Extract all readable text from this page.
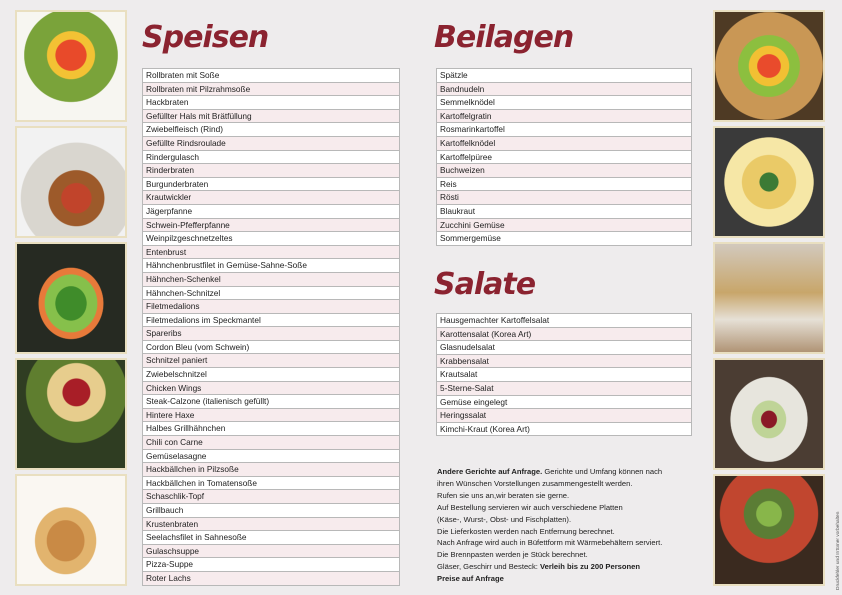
Speisen
Rollbraten mit Soße
Rollbraten mit Pilzrahmsoße
Hackbraten
Gefüllter Hals mit Brätfüllung
Zwiebelfleisch (Rind)
Gefüllte Rindsroulade
Rindergulasch
Rinderbraten
Burgunderbraten
Krautwickler
Jägerpfanne
Schwein-Pfefferpfanne
Weinpilzgeschnetzeltes
Entenbrust
Hähnchenbrustfilet in Gemüse-Sahne-Soße
Hähnchen-Schenkel
Hähnchen-Schnitzel
Filetmedalions
Filetmedalions im Speckmantel
Spareribs
Cordon Bleu (vom Schwein)
Schnitzel paniert
Zwiebelschnitzel
Chicken Wings
Steak-Calzone (italienisch gefüllt)
Hintere Haxe
Halbes Grillhähnchen
Chili con Carne
Gemüselasagne
Hackbällchen in Pilzsoße
Hackbällchen in Tomatensoße
Schaschlik-Topf
Grillbauch
Krustenbraten
Seelachsfilet in Sahnesoße
Gulaschsuppe
Pizza-Suppe
Roter Lachs
Beilagen
Spätzle
Bandnudeln
Semmelknödel
Kartoffelgratin
Rosmarinkartoffel
Kartoffelknödel
Kartoffelpüree
Buchweizen
Reis
Rösti
Blaukraut
Zucchini Gemüse
Sommergemüse
Salate
Hausgemachter Kartoffelsalat
Karottensalat (Korea Art)
Glasnudelsalat
Krabbensalat
Krautsalat
5-Sterne-Salat
Gemüse eingelegt
Heringssalat
Kimchi-Kraut (Korea Art)

Andere Gerichte auf Anfrage. Gerichte und Umfang können nach

ihren Wünschen Vorstellungen zusammengestellt werden.

Rufen sie uns an,wir beraten sie gerne.

Auf Bestellung servieren wir auch verschiedene Platten

(Käse-, Wurst-, Obst- und Fischplatten).

Die Lieferkosten werden nach Entfernung berechnet.

Nach Anfrage wird auch in Büfettform mit Wärmebehältern serviert.

Die Brennpasten werden je Stück berechnet.

Gläser, Geschirr und Besteck: Verleih bis zu 200 Personen

Preise auf Anfrage	Druckfehler und Irrtümer vorbehalten
